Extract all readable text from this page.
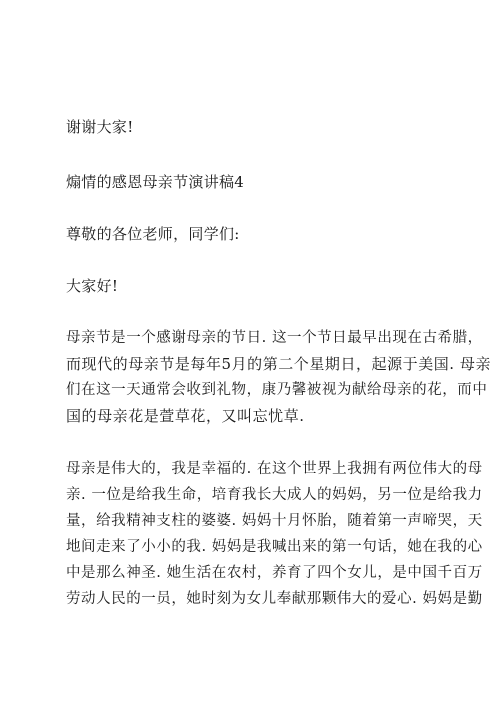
谢谢大家!
煽情的感恩母亲节演讲稿4
尊敬的各位老师，同学们:
大家好!
母亲节是一个感谢母亲的节日. 这一个节日最早出现在古希腊，
而现代的母亲节是每年5月的第二个星期日，起源于美国. 母亲
们在这一天通常会收到礼物，康乃馨被视为献给母亲的花，而中
国的母亲花是萱草花，又叫忘忧草.
母亲是伟大的，我是幸福的. 在这个世界上我拥有两位伟大的母
亲. 一位是给我生命，培育我长大成人的妈妈，另一位是给我力
量，给我精神支柱的婆婆. 妈妈十月怀胎，随着第一声啼哭，天
地间走来了小小的我. 妈妈是我喊出来的第一句话，她在我的心
中是那么神圣. 她生活在农村，养育了四个女儿，是中国千百万
劳动人民的一员，她时刻为女儿奉献那颗伟大的爱心. 妈妈是勤
